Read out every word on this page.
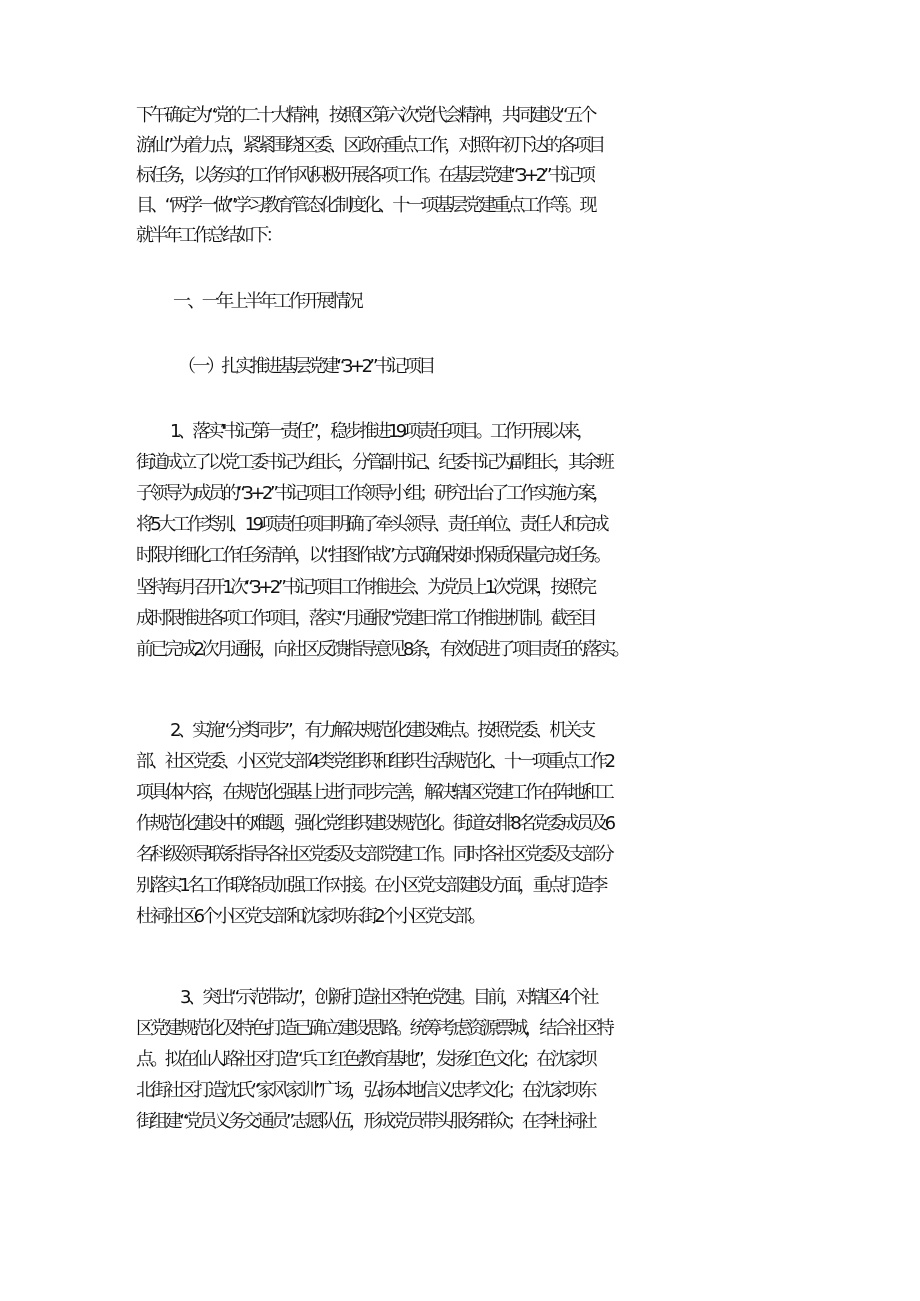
下午确定为“党的二十大精神，按照区第六次党代会精神，共同建设“五个
游仙”为着力点，紧紧围绕区委、区政府重点工作，对照年初下达的各项目
标任务，以务实的工作作风积极开展各项工作。在基层党建“3+2”书记项
目、“两学一做”学习教育管态化制度化、十一项基层党建重点工作等。现
就半年工作总结如下：
一、一年上半年工作开展情况
（一）扎实推进基层党建“3+2”书记项目
1、落实''书记第一责任”，稳步推进19项责任项目。工作开展以来，
街道成立了以党工委书记为组长，分管副书记、纪委书记为副组长，其余班
子领导为成员的“3+2”书记项目工作领导小组；研究出台了工作实施方案，
将5大工作类别、19项责任项目明确了牵头领导、责任单位、责任人和完成
时限并细化工作任务清单，以“挂图作战”方式确保按时保质保量完成任务。
坚持每月召开1次“3+2”书记项目工作推进会、为党员上1次党课，按照完
成时限推进各项工作项目，落实“月通报”党建日常工作推进机制。截至目
前已完成2次月通报，向社区反馈指导意见8条，有效促进了项目责任的落实。
2、实施“分类同步”，有力解决规范化建设难点。按照党委、机关支
部、社区党委、小区党支部4类党组织和组织生活规范化、十一项重点工作2
项具体内容，在规范化强基上进行同步完善，解决辖区党建工作在阵地和工
作规范化建设中的难题，强化党组织建设规范化。街道安排8名党委成员及6
名科级领导联系指导各社区党委及支部党建工作。同时各社区党委及支部分
别落实1名工作联络员加强工作对接。在小区党支部建设方面，重点打造李
杜祠社区6个小区党支部和沈家坝东街2个小区党支部。
3、突出“示范带动”，创新打造社区特色党建。目前，对辖区4个社
区党建规范化及特色打造已确立建设思路。统筹考虑资源票城，结合社区特
点。拟在仙人路社区打造“兵工红色教育基地”，发扬红色文化；在沈家坝
北街社区打造沈氏“家风家训”广场，弘扬本地信义忠孝文化；在沈家坝东
街组建“党员义务交通员”志愿队伍，形成党员带头服务群众；在李杜祠社
